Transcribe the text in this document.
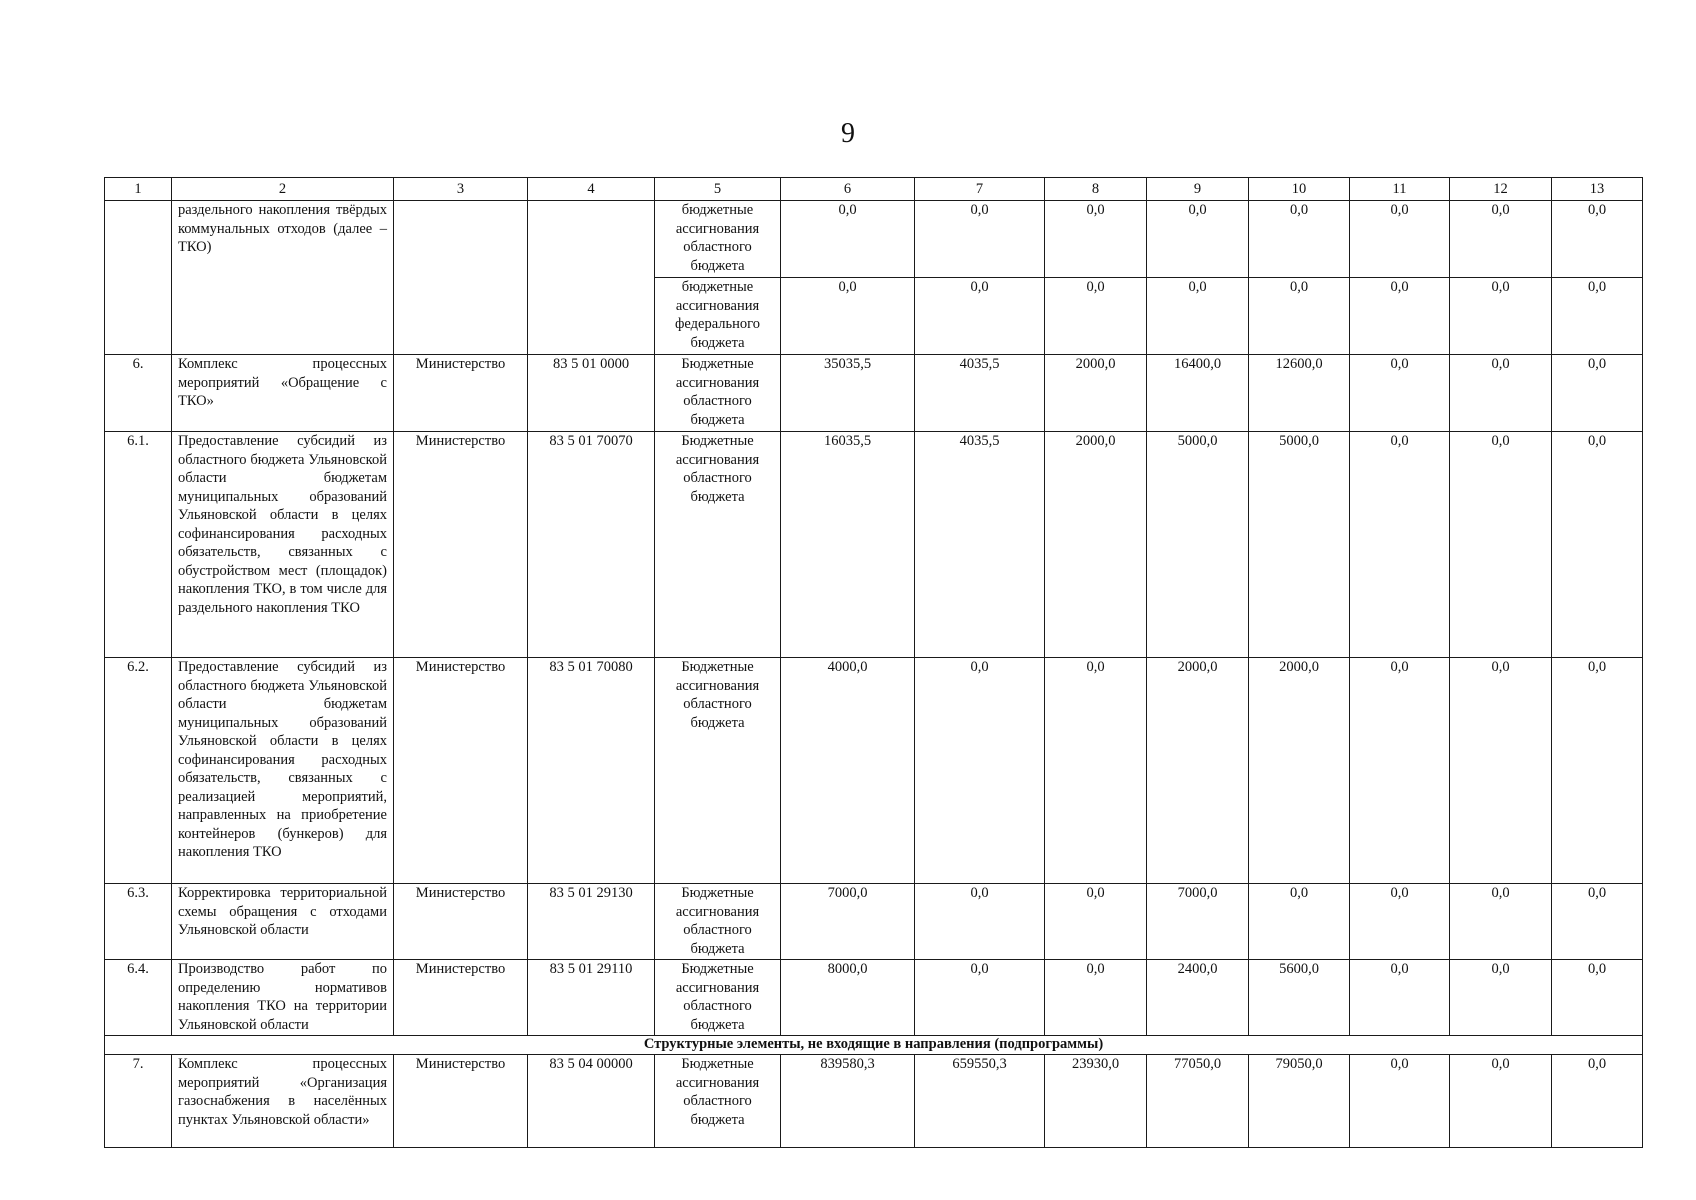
9
1	2	3	4	5	6	7	8	9	10	11	12	13
	раздельного накопления твёрдых коммунальных отходов (далее – ТКО)			бюджетные ассигнования областного бюджета	0,0	0,0	0,0	0,0	0,0	0,0	0,0	0,0
				бюджетные ассигнования федерального бюджета	0,0	0,0	0,0	0,0	0,0	0,0	0,0	0,0
6.	Комплекс процессных мероприятий «Обращение с ТКО»	Министерство	83 5 01 0000	Бюджетные ассигнования областного бюджета	35035,5	4035,5	2000,0	16400,0	12600,0	0,0	0,0	0,0
6.1.	Предоставление субсидий из областного бюджета Ульяновской области бюджетам муниципальных образований Ульяновской области в целях софинансирования расходных обязательств, связанных с обустройством мест (площадок) накопления ТКО, в том числе для раздельного накопления ТКО	Министерство	83 5 01 70070	Бюджетные ассигнования областного бюджета	16035,5	4035,5	2000,0	5000,0	5000,0	0,0	0,0	0,0
6.2.	Предоставление субсидий из областного бюджета Ульяновской области бюджетам муниципальных образований Ульяновской области в целях софинансирования расходных обязательств, связанных с реализацией мероприятий, направленных на приобретение контейнеров (бункеров) для накопления ТКО	Министерство	83 5 01 70080	Бюджетные ассигнования областного бюджета	4000,0	0,0	0,0	2000,0	2000,0	0,0	0,0	0,0
6.3.	Корректировка территориальной схемы обращения с отходами Ульяновской области	Министерство	83 5 01 29130	Бюджетные ассигнования областного бюджета	7000,0	0,0	0,0	7000,0	0,0	0,0	0,0	0,0
6.4.	Производство работ по определению нормативов накопления ТКО на территории Ульяновской области	Министерство	83 5 01 29110	Бюджетные ассигнования областного бюджета	8000,0	0,0	0,0	2400,0	5600,0	0,0	0,0	0,0
Структурные элементы, не входящие в направления (подпрограммы)												
7.	Комплекс процессных мероприятий «Организация газоснабжения в населённых пунктах Ульяновской области»	Министерство	83 5 04 00000	Бюджетные ассигнования областного бюджета	839580,3	659550,3	23930,0	77050,0	79050,0	0,0	0,0	0,0
